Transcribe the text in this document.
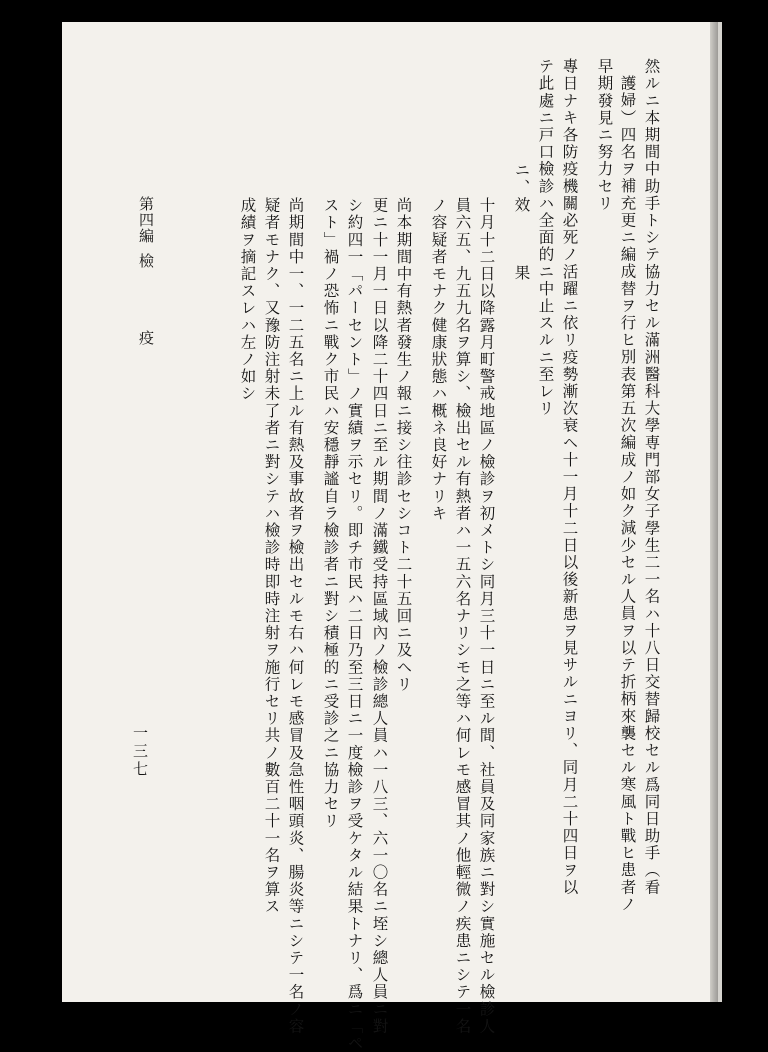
然ルニ本期間中助手トシテ協力セル滿洲醫科大學専門部女子學生二一名ハ十八日交替歸校セル爲同日助手（看
護婦）四名ヲ補充更ニ編成替ヲ行ヒ別表第五次編成ノ如ク減少セル人員ヲ以テ折柄來襲セル寒風ト戰ヒ患者ノ
早期發見ニ努力セリ
專日ナキ各防疫機關必死ノ活躍ニ依リ疫勢漸次衰ヘ十一月十二日以後新患ヲ見サルニヨリ、同月二十四日ヲ以
テ此處ニ戸口檢診ハ全面的ニ中止スルニ至レリ
ニ、效　　　果
十月十二日以降露月町警戒地區ノ檢診ヲ初メトシ同月三十一日ニ至ル間、社員及同家族ニ對シ實施セル檢診人
員六五、九五九名ヲ算シ、檢出セル有熱者ハ一五六名ナリシモ之等ハ何レモ感冒其ノ他輕微ノ疾患ニシテ一名
ノ容疑者モナク健康狀態ハ概ネ良好ナリキ
尚本期間中有熱者發生ノ報ニ接シ往診セシコト二十五回ニ及ヘリ
更ニ十一月一日以降二十四日ニ至ル期間ノ滿鐵受持區域內ノ檢診總人員ハ一八三、六一〇名ニ垤シ總人員ニ對
シ約四一「パーセント」ノ實績ヲ示セリ。即チ市民ハ二日乃至三日ニ一度檢診ヲ受ケタル結果トナリ、爲ニ「ペ
スト」禍ノ恐怖ニ戰ク市民ハ安穩靜謐自ラ檢診者ニ對シ積極的ニ受診之ニ協力セリ
尚期間中一、一二五名ニ上ル有熱及事故者ヲ檢出セルモ右ハ何レモ感冒及急性咽頭炎、腸炎等ニシテ一名ノ容
疑者モナク、又豫防注射未了者ニ對シテハ檢診時即時注射ヲ施行セリ共ノ數百二十一名ヲ算ス
成績ヲ摘記スレハ左ノ如シ
第四編
檢
疫
一三七
